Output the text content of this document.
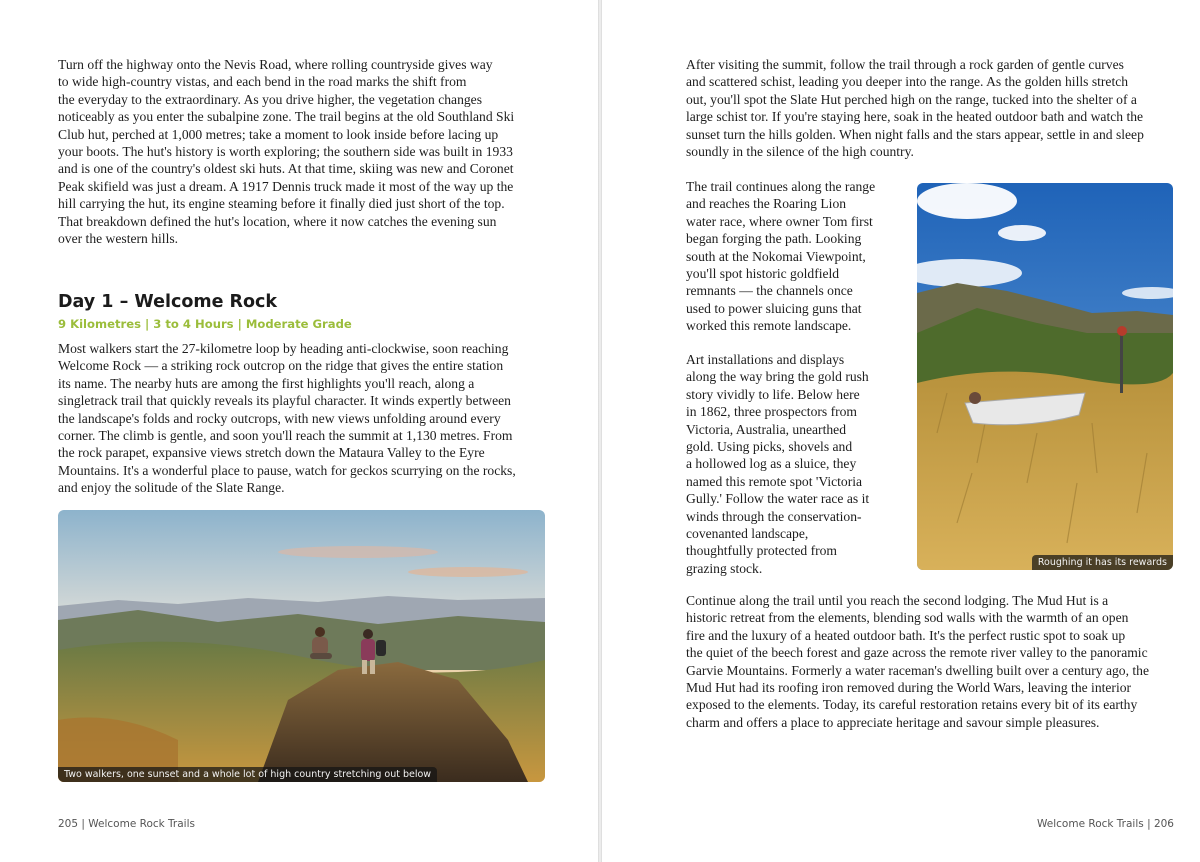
Turn off the highway onto the Nevis Road, where rolling countryside gives way
to wide high-country vistas, and each bend in the road marks the shift from
the everyday to the extraordinary. As you drive higher, the vegetation changes
noticeably as you enter the subalpine zone. The trail begins at the old Southland Ski
Club hut, perched at 1,000 metres; take a moment to look inside before lacing up
your boots. The hut's history is worth exploring; the southern side was built in 1933
and is one of the country's oldest ski huts. At that time, skiing was new and Coronet
Peak skifield was just a dream. A 1917 Dennis truck made it most of the way up the
hill carrying the hut, its engine steaming before it finally died just short of the top.
That breakdown defined the hut's location, where it now catches the evening sun
over the western hills.

Day 1 – Welcome Rock

9 Kilometres | 3 to 4 Hours | Moderate Grade

Most walkers start the 27-kilometre loop by heading anti-clockwise, soon reaching
Welcome Rock — a striking rock outcrop on the ridge that gives the entire station
its name. The nearby huts are among the first highlights you'll reach, along a
singletrack trail that quickly reveals its playful character. It winds expertly between
the landscape's folds and rocky outcrops, with new views unfolding around every
corner. The climb is gentle, and soon you'll reach the summit at 1,130 metres. From
the rock parapet, expansive views stretch down the Mataura Valley to the Eyre
Mountains. It's a wonderful place to pause, watch for geckos scurrying on the rocks,
and enjoy the solitude of the Slate Range.

Two walkers, one sunset and a whole lot of high country stretching out below

205 | Welcome Rock Trails

After visiting the summit, follow the trail through a rock garden of gentle curves
and scattered schist, leading you deeper into the range. As the golden hills stretch
out, you'll spot the Slate Hut perched high on the range, tucked into the shelter of a
large schist tor. If you're staying here, soak in the heated outdoor bath and watch the
sunset turn the hills golden. When night falls and the stars appear, settle in and sleep
soundly in the silence of the high country.

The trail continues along the range
and reaches the Roaring Lion
water race, where owner Tom first
began forging the path. Looking
south at the Nokomai Viewpoint,
you'll spot historic goldfield
remnants — the channels once
used to power sluicing guns that
worked this remote landscape.

Art installations and displays
along the way bring the gold rush
story vividly to life. Below here
in 1862, three prospectors from
Victoria, Australia, unearthed
gold. Using picks, shovels and
a hollowed log as a sluice, they
named this remote spot 'Victoria
Gully.' Follow the water race as it
winds through the conservation-
covenanted landscape,
thoughtfully protected from
grazing stock.	Roughing it has its rewards

Continue along the trail until you reach the second lodging. The Mud Hut is a
historic retreat from the elements, blending sod walls with the warmth of an open
fire and the luxury of a heated outdoor bath. It's the perfect rustic spot to soak up
the quiet of the beech forest and gaze across the remote river valley to the panoramic
Garvie Mountains. Formerly a water raceman's dwelling built over a century ago, the
Mud Hut had its roofing iron removed during the World Wars, leaving the interior
exposed to the elements. Today, its careful restoration retains every bit of its earthy
charm and offers a place to appreciate heritage and savour simple pleasures.

Welcome Rock Trails | 206
